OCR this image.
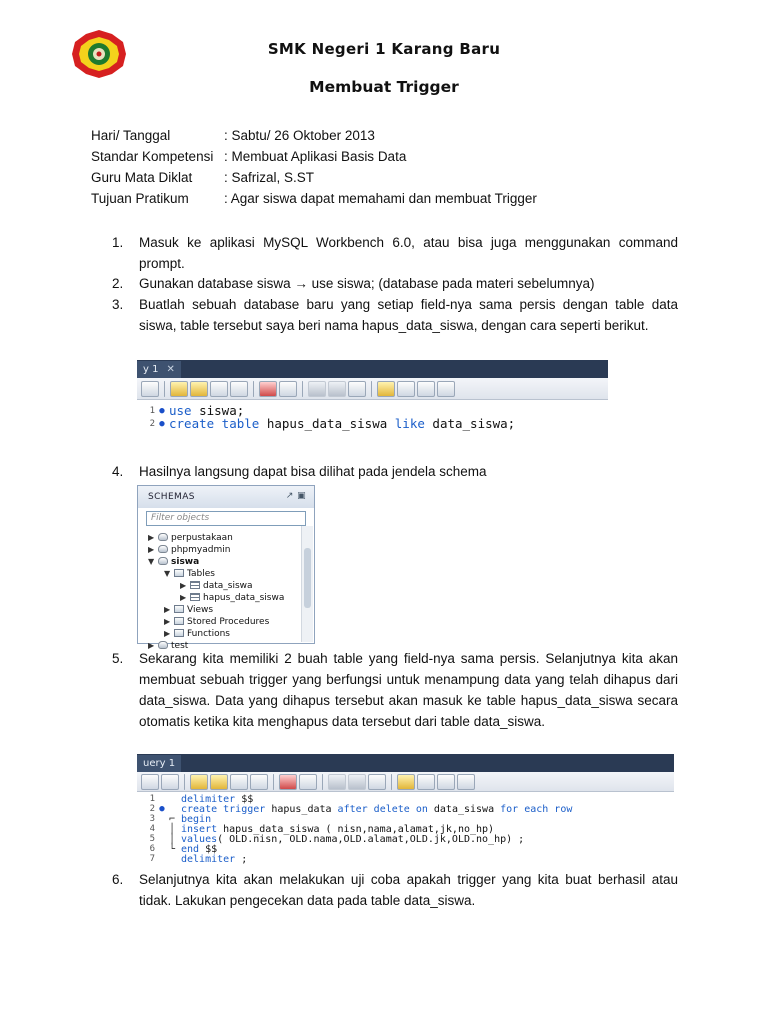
SMK Negeri 1 Karang Baru
Membuat Trigger
Hari/ Tanggal	: Sabtu/ 26 Oktober 2013
Standar Kompetensi : Membuat Aplikasi Basis Data
Guru Mata Diklat	: Safrizal, S.ST
Tujuan Pratikum	: Agar siswa dapat memahami dan membuat Trigger
1. Masuk ke aplikasi MySQL Workbench 6.0, atau bisa juga menggunakan command prompt.
2. Gunakan database siswa → use siswa; (database pada materi sebelumnya)
3. Buatlah sebuah database baru yang setiap field-nya sama persis dengan table data siswa, table tersebut saya beri nama hapus_data_siswa, dengan cara seperti berikut.
y 1 ✕
1 ● use siswa;
2 ● create table hapus_data_siswa like data_siswa;
4. Hasilnya langsung dapat bisa dilihat pada jendela schema
SCHEMAS	↗ ▣
Filter objects
▶ perpustakaan
▶ phpmyadmin
▼ siswa
▼ Tables
▶ data_siswa
▶ hapus_data_siswa
▶ Views
▶ Stored Procedures
▶ Functions
▶ test
5. Sekarang kita memiliki 2 buah table yang field-nya sama persis. Selanjutnya kita akan membuat sebuah trigger yang berfungsi untuk menampung data yang telah dihapus dari data_siswa. Data yang dihapus tersebut akan masuk ke table hapus_data_siswa secara otomatis ketika kita menghapus data tersebut dari table data_siswa.
uery 1
1	delimiter $$
2 ●	create trigger hapus_data after delete on data_siswa for each row
3 ⌐ begin
4 │ insert hapus_data_siswa ( nisn,nama,alamat,jk,no_hp)
5 │ values ( OLD.nisn, OLD.nama,OLD.alamat,OLD.jk,OLD.no_hp) ;
6 └ end $$
7	delimiter ;
6. Selanjutnya kita akan melakukan uji coba apakah trigger yang kita buat berhasil atau tidak. Lakukan pengecekan data pada table data_siswa.
